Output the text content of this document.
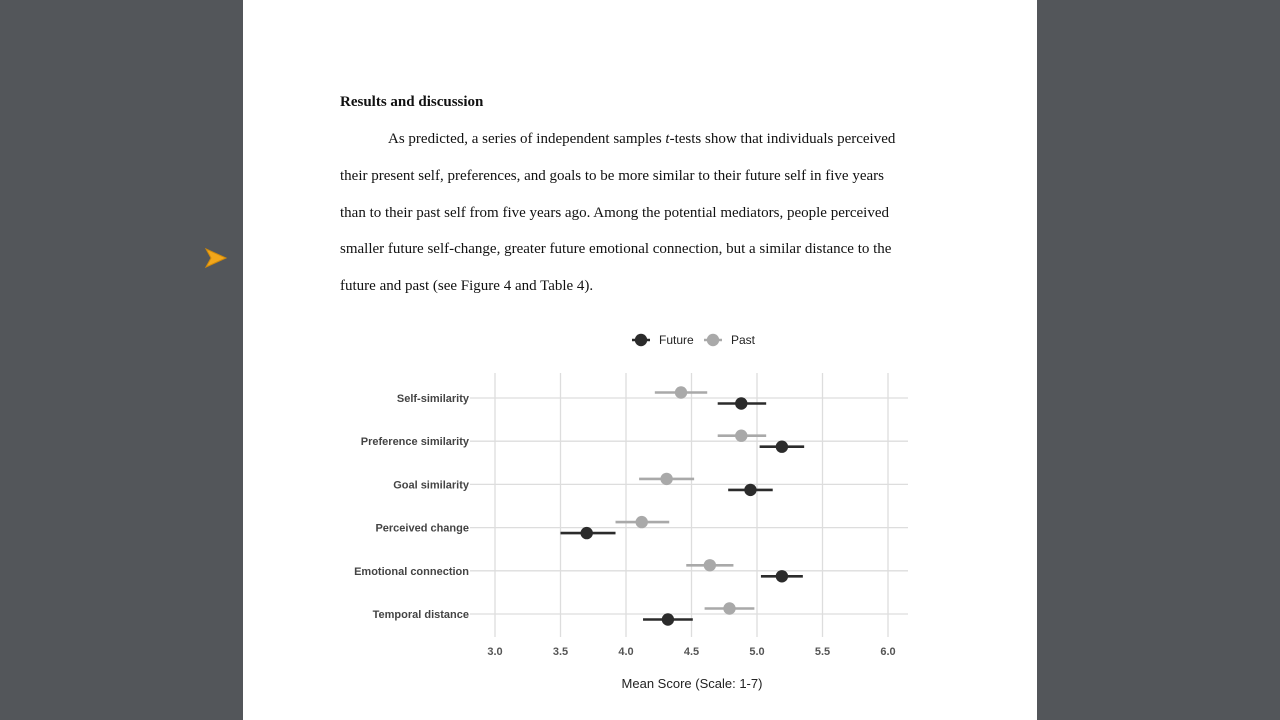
Results and discussion
As predicted, a series of independent samples t-tests show that individuals perceived
their present self, preferences, and goals to be more similar to their future self in five years
than to their past self from five years ago. Among the potential mediators, people perceived
smaller future self-change, greater future emotional connection, but a similar distance to the
future and past (see Figure 4 and Table 4).
3.0	3.5	4.0	4.5	5.0	5.5	6.0
Self-similarity
Preference similarity
Goal similarity
Perceived change
Emotional connection
Temporal distance
Mean Score (Scale: 1-7)
Future	Past
